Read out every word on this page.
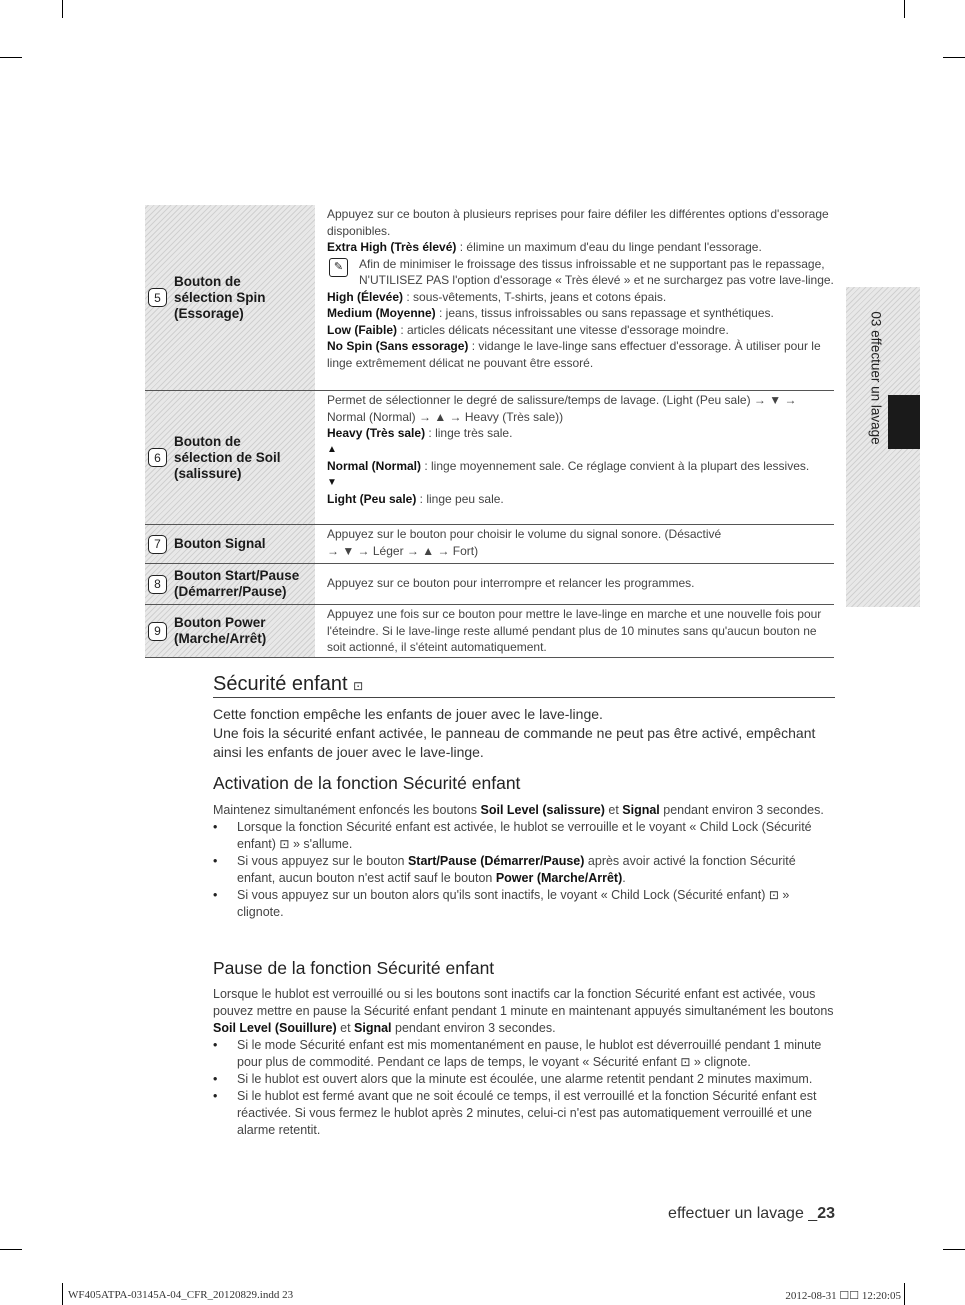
03 effectuer un lavage
5
Bouton de sélection Spin (Essorage)
Appuyez sur ce bouton à plusieurs reprises pour faire défiler les différentes options d'essorage disponibles.
Extra High (Très élevé) : élimine un maximum d'eau du linge pendant l'essorage.
✎	Afin de minimiser le froissage des tissus infroissable et ne supportant pas le repassage, N'UTILISEZ PAS l'option d'essorage « Très élevé » et ne surchargez pas votre lave-linge.
High (Élevée) : sous-vêtements, T-shirts, jeans et cotons épais.
Medium (Moyenne) : jeans, tissus infroissables ou sans repassage et synthétiques.
Low (Faible) : articles délicats nécessitant une vitesse d'essorage moindre.
No Spin (Sans essorage) : vidange le lave-linge sans effectuer d'essorage. À utiliser pour le linge extrêmement délicat ne pouvant être essoré.
6
Bouton de sélection de Soil (salissure)
Permet de sélectionner le degré de salissure/temps de lavage. (Light (Peu sale) → ▼ → Normal (Normal) → ▲ → Heavy (Très sale))
Heavy (Très sale) : linge très sale.
▲
Normal (Normal) : linge moyennement sale. Ce réglage convient à la plupart des lessives.
▼
Light (Peu sale) : linge peu sale.
7 Bouton Signal
Appuyez sur le bouton pour choisir le volume du signal sonore. (Désactivé → ▼ → Léger → ▲ → Fort)
8
Bouton Start/Pause (Démarrer/Pause)
Appuyez sur ce bouton pour interrompre et relancer les programmes.
9
Bouton Power (Marche/Arrêt)
Appuyez une fois sur ce bouton pour mettre le lave-linge en marche et une nouvelle fois pour l'éteindre. Si le lave-linge reste allumé pendant plus de 10 minutes sans qu'aucun bouton ne soit actionné, il s'éteint automatiquement.
Sécurité enfant ⊡
Cette fonction empêche les enfants de jouer avec le lave-linge.
Une fois la sécurité enfant activée, le panneau de commande ne peut pas être activé, empêchant ainsi les enfants de jouer avec le lave-linge.
Activation de la fonction Sécurité enfant
Maintenez simultanément enfoncés les boutons Soil Level (salissure) et Signal pendant environ 3 secondes.
• Lorsque la fonction Sécurité enfant est activée, le hublot se verrouille et le voyant « Child Lock (Sécurité enfant) ⊡ » s'allume.
• Si vous appuyez sur le bouton Start/Pause (Démarrer/Pause) après avoir activé la fonction Sécurité enfant, aucun bouton n'est actif sauf le bouton Power (Marche/Arrêt).
• Si vous appuyez sur un bouton alors qu'ils sont inactifs, le voyant « Child Lock (Sécurité enfant) ⊡ » clignote.
Pause de la fonction Sécurité enfant
Lorsque le hublot est verrouillé ou si les boutons sont inactifs car la fonction Sécurité enfant est activée, vous pouvez mettre en pause la Sécurité enfant pendant 1 minute en maintenant appuyés simultanément les boutons Soil Level (Souillure) et Signal pendant environ 3 secondes.
• Si le mode Sécurité enfant est mis momentanément en pause, le hublot est déverrouillé pendant 1 minute pour plus de commodité. Pendant ce laps de temps, le voyant « Sécurité enfant ⊡ » clignote.
• Si le hublot est ouvert alors que la minute est écoulée, une alarme retentit pendant 2 minutes maximum.
• Si le hublot est fermé avant que ne soit écoulé ce temps, il est verrouillé et la fonction Sécurité enfant est réactivée. Si vous fermez le hublot après 2 minutes, celui-ci n'est pas automatiquement verrouillé et une alarme retentit.
effectuer un lavage _23
WF405ATPA-03145A-04_CFR_20120829.indd 23	2012-08-31 ☐☐ 12:20:05
